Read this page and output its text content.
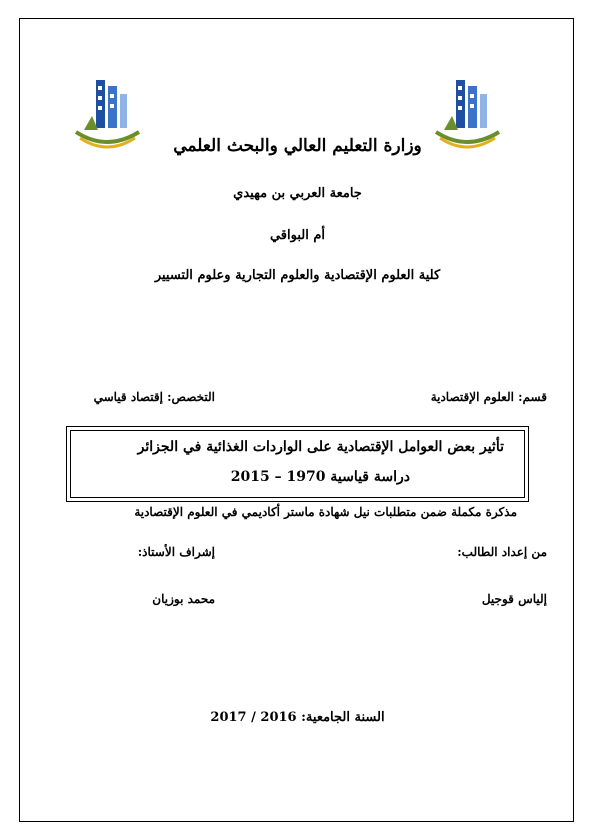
وزارة التعليم العالي والبحث العلمي
جامعة العربي بن مهيدي
أم البواقي
كلية العلوم الإقتصادية والعلوم التجارية وعلوم التسيير
قسم: العلوم الإقتصادية
التخصص: إقتصاد قياسي
تأثير بعض العوامل الإقتصادية على الواردات الغذائية في الجزائر
دراسة قياسية 1970 – 2015
مذكرة مكملة ضمن متطلبات نيل شهادة ماستر أكاديمي في العلوم الإقتصادية
من إعداد الطالب:
إشراف الأستاذ:
إلياس قوجيل
محمد بوزيان
السنة الجامعية: 2016 / 2017
